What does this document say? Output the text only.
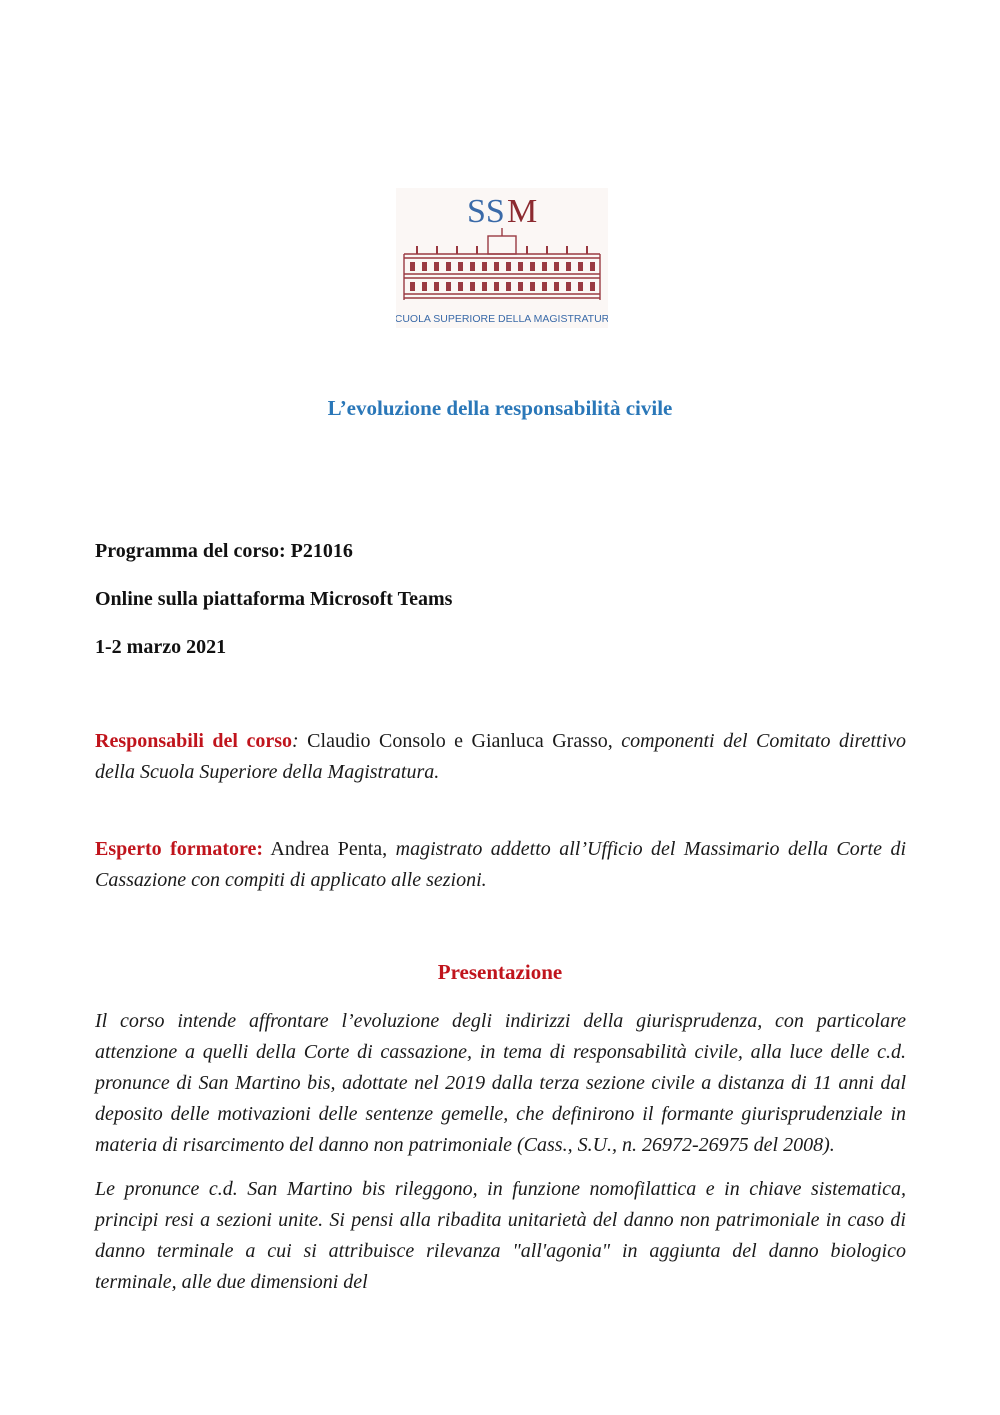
SS M
SCUOLA SUPERIORE DELLA MAGISTRATURA
L’evoluzione della responsabilità civile
Programma del corso: P21016
Online sulla piattaforma Microsoft Teams
1-2 marzo 2021
Responsabili del corso: Claudio Consolo e Gianluca Grasso, componenti del Comitato direttivo della Scuola Superiore della Magistratura.
Esperto formatore: Andrea Penta, magistrato addetto all’Ufficio del Massimario della Corte di Cassazione con compiti di applicato alle sezioni.
Presentazione
Il corso intende affrontare l’evoluzione degli indirizzi della giurisprudenza, con particolare attenzione a quelli della Corte di cassazione, in tema di responsabilità civile, alla luce delle c.d. pronunce di San Martino bis, adottate nel 2019 dalla terza sezione civile a distanza di 11 anni dal deposito delle motivazioni delle sentenze gemelle, che definirono il formante giurisprudenziale in materia di risarcimento del danno non patrimoniale (Cass., S.U., n. 26972-26975 del 2008).
Le pronunce c.d. San Martino bis rileggono, in funzione nomofilattica e in chiave sistematica, principi resi a sezioni unite. Si pensi alla ribadita unitarietà del danno non patrimoniale in caso di danno terminale a cui si attribuisce rilevanza "all'agonia" in aggiunta del danno biologico terminale, alle due dimensioni del
